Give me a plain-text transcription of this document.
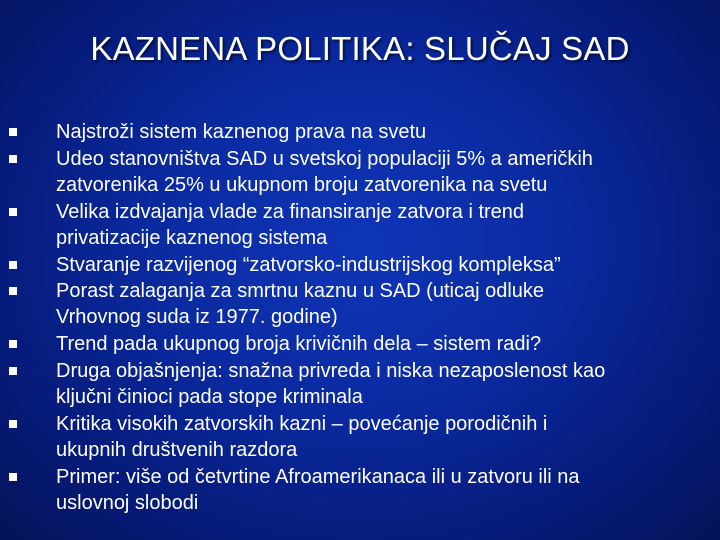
KAZNENA POLITIKA: SLUČAJ SAD
Najstroži sistem kaznenog prava na svetu
Udeo stanovništva SAD u svetskoj populaciji 5% a američkih
zatvorenika 25% u ukupnom broju zatvorenika na svetu
Velika izdvajanja vlade za finansiranje zatvora i trend
privatizacije kaznenog sistema
Stvaranje razvijenog “zatvorsko-industrijskog kompleksa”
Porast zalaganja za smrtnu kaznu u SAD (uticaj odluke
Vrhovnog suda iz 1977. godine)
Trend pada ukupnog broja krivičnih dela – sistem radi?
Druga objašnjenja: snažna privreda i niska nezaposlenost kao
ključni činioci pada stope kriminala
Kritika visokih zatvorskih kazni – povećanje porodičnih i
ukupnih društvenih razdora
Primer: više od četvrtine Afroamerikanaca ili u zatvoru ili na
uslovnoj slobodi
